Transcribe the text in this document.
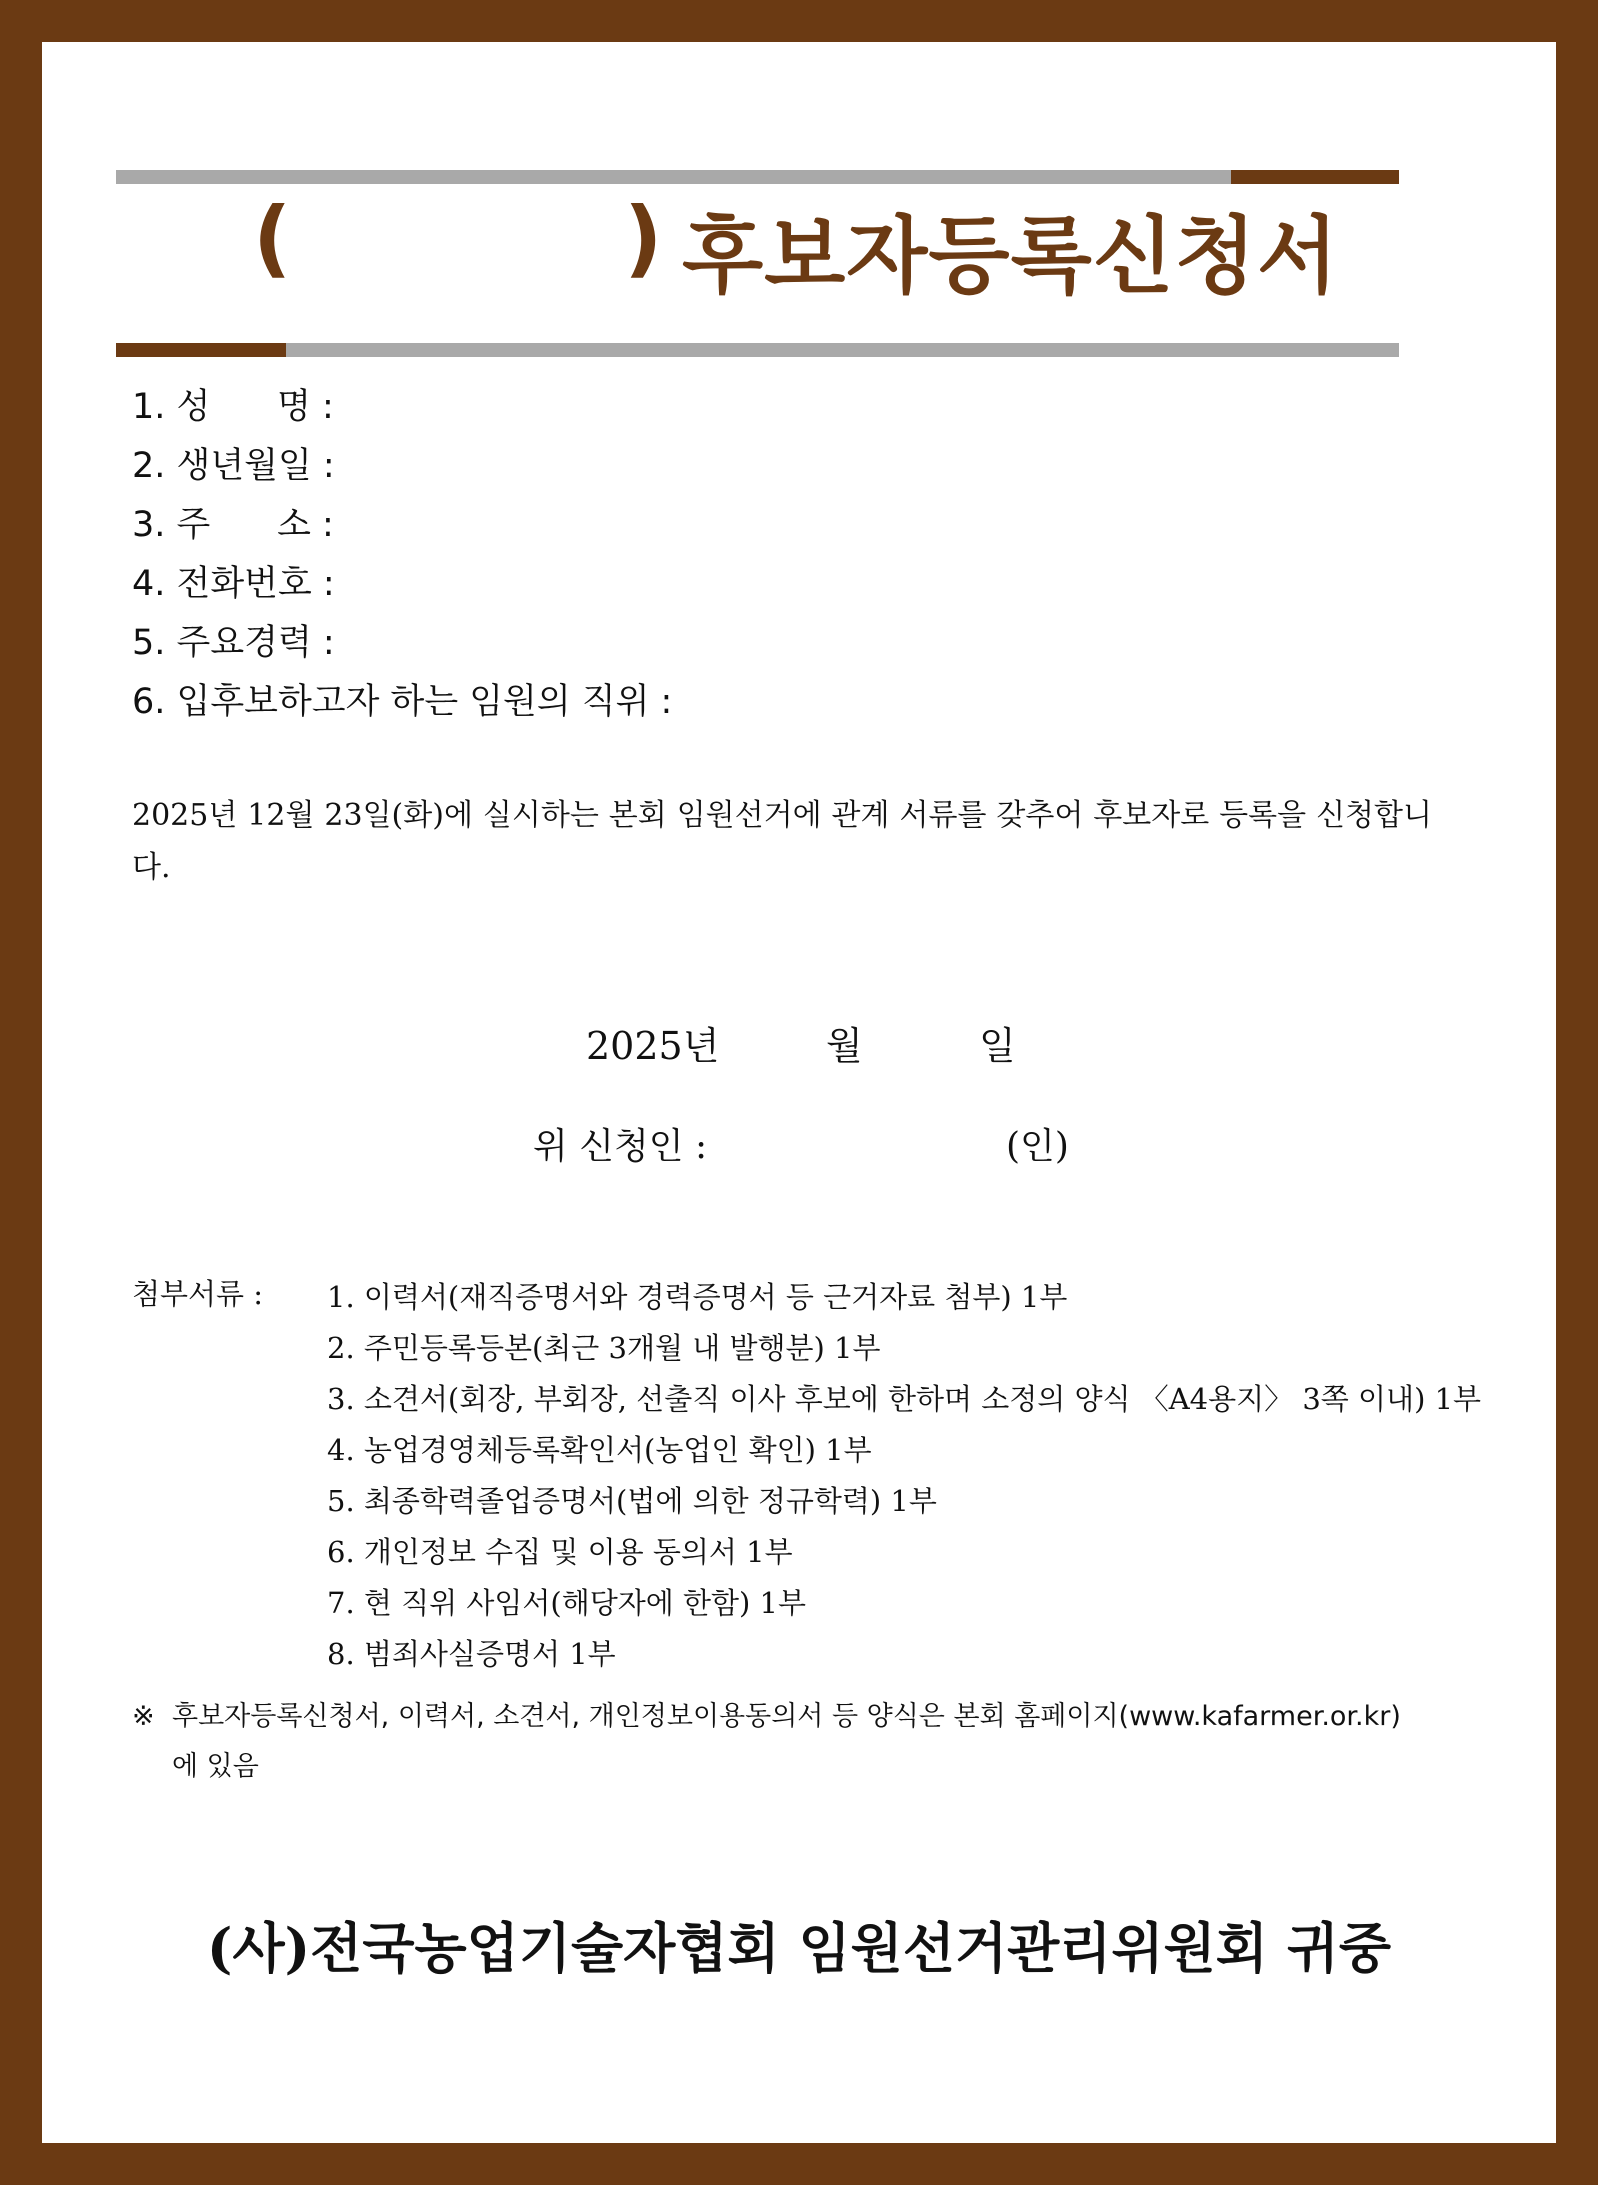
(	) 후보자등록신청서
1. 성      명 :
2. 생년월일 :
3. 주      소 :
4. 전화번호 :
5. 주요경력 :
6. 입후보하고자 하는 임원의 직위 :
2025년 12월 23일(화)에 실시하는 본회 임원선거에 관계 서류를 갖추어 후보자로 등록을 신청합니다.
2025년	월	일
위 신청인 :	(인)
첨부서류 : 1. 이력서(재직증명서와 경력증명서 등 근거자료 첨부) 1부
2. 주민등록등본(최근 3개월 내 발행분) 1부
3. 소견서(회장, 부회장, 선출직 이사 후보에 한하며 소정의 양식 〈A4용지〉 3쪽 이내) 1부
4. 농업경영체등록확인서(농업인 확인) 1부
5. 최종학력졸업증명서(법에 의한 정규학력) 1부
6. 개인정보 수집 및 이용 동의서 1부
7. 현 직위 사임서(해당자에 한함) 1부
8. 범죄사실증명서 1부
※ 후보자등록신청서, 이력서, 소견서, 개인정보이용동의서 등 양식은 본회 홈페이지(www.kafarmer.or.kr) 에 있음
(사)전국농업기술자협회 임원선거관리위원회 귀중
